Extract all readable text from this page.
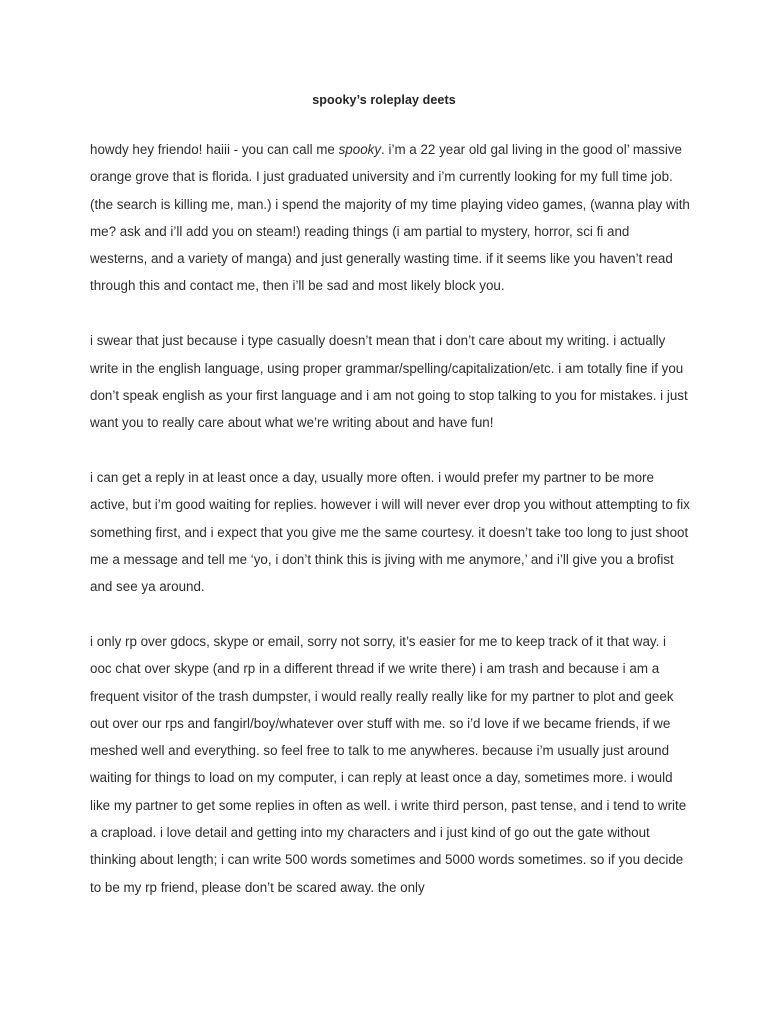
spooky’s roleplay deets

howdy hey friendo! haiii - you can call me spooky. i’m a 22 year old gal living in the good ol’ massive orange grove that is florida. I just graduated university and i’m currently looking for my full time job. (the search is killing me, man.) i spend the majority of my time playing video games, (wanna play with me? ask and i’ll add you on steam!) reading things (i am partial to mystery, horror, sci fi and westerns, and a variety of manga) and just generally wasting time. if it seems like you haven’t read through this and contact me, then i’ll be sad and most likely block you.

i swear that just because i type casually doesn’t mean that i don’t care about my writing. i actually write in the english language, using proper grammar/spelling/capitalization/etc. i am totally fine if you don’t speak english as your first language and i am not going to stop talking to you for mistakes. i just want you to really care about what we’re writing about and have fun!

i can get a reply in at least once a day, usually more often. i would prefer my partner to be more active, but i’m good waiting for replies. however i will will never ever drop you without attempting to fix something first, and i expect that you give me the same courtesy. it doesn’t take too long to just shoot me a message and tell me ‘yo, i don’t think this is jiving with me anymore,’ and i’ll give you a brofist and see ya around.

i only rp over gdocs, skype or email, sorry not sorry, it’s easier for me to keep track of it that way. i ooc chat over skype (and rp in a different thread if we write there) i am trash and because i am a frequent visitor of the trash dumpster, i would really really really like for my partner to plot and geek out over our rps and fangirl/boy/whatever over stuff with me. so i’d love if we became friends, if we meshed well and everything. so feel free to talk to me anywheres. because i’m usually just around waiting for things to load on my computer, i can reply at least once a day, sometimes more. i would like my partner to get some replies in often as well. i write third person, past tense, and i tend to write a crapload. i love detail and getting into my characters and i just kind of go out the gate without thinking about length; i can write 500 words sometimes and 5000 words sometimes. so if you decide to be my rp friend, please don’t be scared away. the only
